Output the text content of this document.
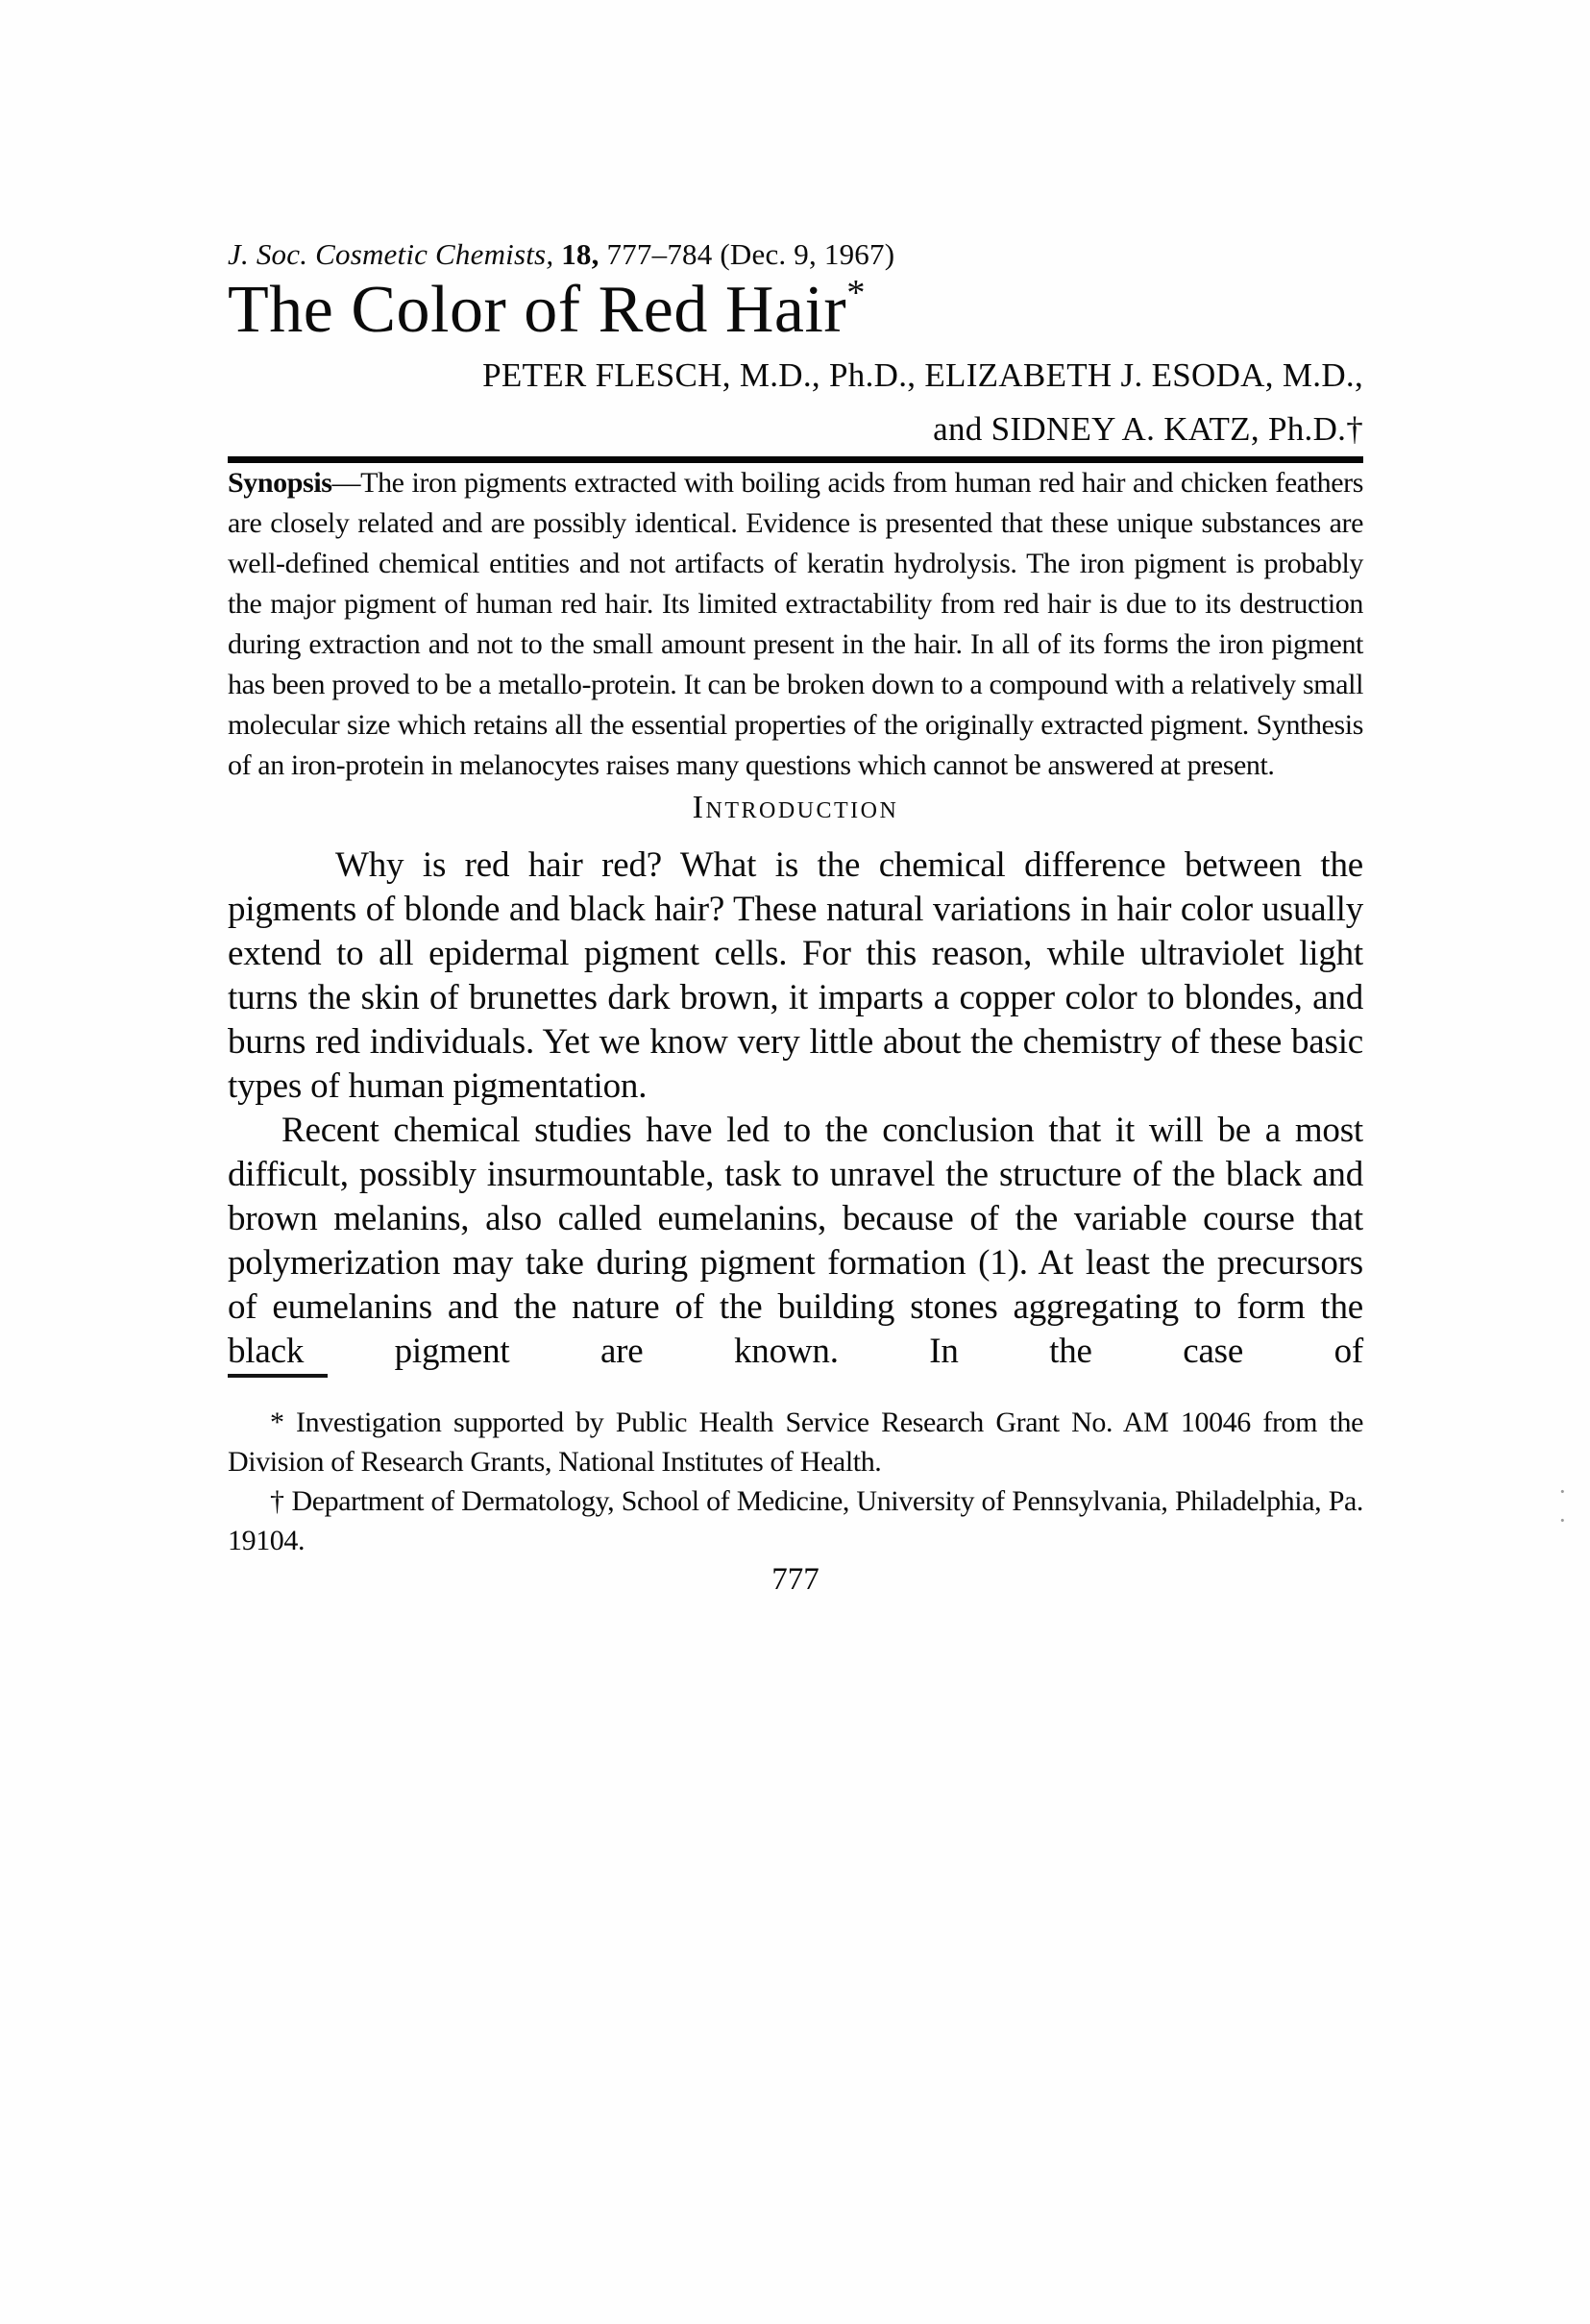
J. Soc. Cosmetic Chemists, 18, 777–784 (Dec. 9, 1967)

The Color of Red Hair*
PETER FLESCH, M.D., Ph.D., ELIZABETH J. ESODA, M.D.,
and SIDNEY A. KATZ, Ph.D.†

Synopsis—The iron pigments extracted with boiling acids from human red hair and chicken feathers are closely related and are possibly identical. Evidence is presented that these unique substances are well-defined chemical entities and not artifacts of keratin hydrolysis. The iron pigment is probably the major pigment of human red hair. Its limited extractability from red hair is due to its destruction during extraction and not to the small amount present in the hair. In all of its forms the iron pigment has been proved to be a metallo-protein. It can be broken down to a compound with a relatively small molecular size which retains all the essential properties of the originally extracted pigment. Synthesis of an iron-protein in melanocytes raises many questions which cannot be answered at present.

Introduction

Why is red hair red? What is the chemical difference between the pigments of blonde and black hair? These natural variations in hair color usually extend to all epidermal pigment cells. For this reason, while ultraviolet light turns the skin of brunettes dark brown, it imparts a copper color to blondes, and burns red individuals. Yet we know very little about the chemistry of these basic types of human pigmentation.

Recent chemical studies have led to the conclusion that it will be a most difficult, possibly insurmountable, task to unravel the structure of the black and brown melanins, also called eumelanins, because of the variable course that polymerization may take during pigment formation (1). At least the precursors of eumelanins and the nature of the building stones aggregating to form the black pigment are known. In the case of

* Investigation supported by Public Health Service Research Grant No. AM 10046 from the Division of Research Grants, National Institutes of Health.

† Department of Dermatology, School of Medicine, University of Pennsylvania, Philadelphia, Pa. 19104.

777
· ·
